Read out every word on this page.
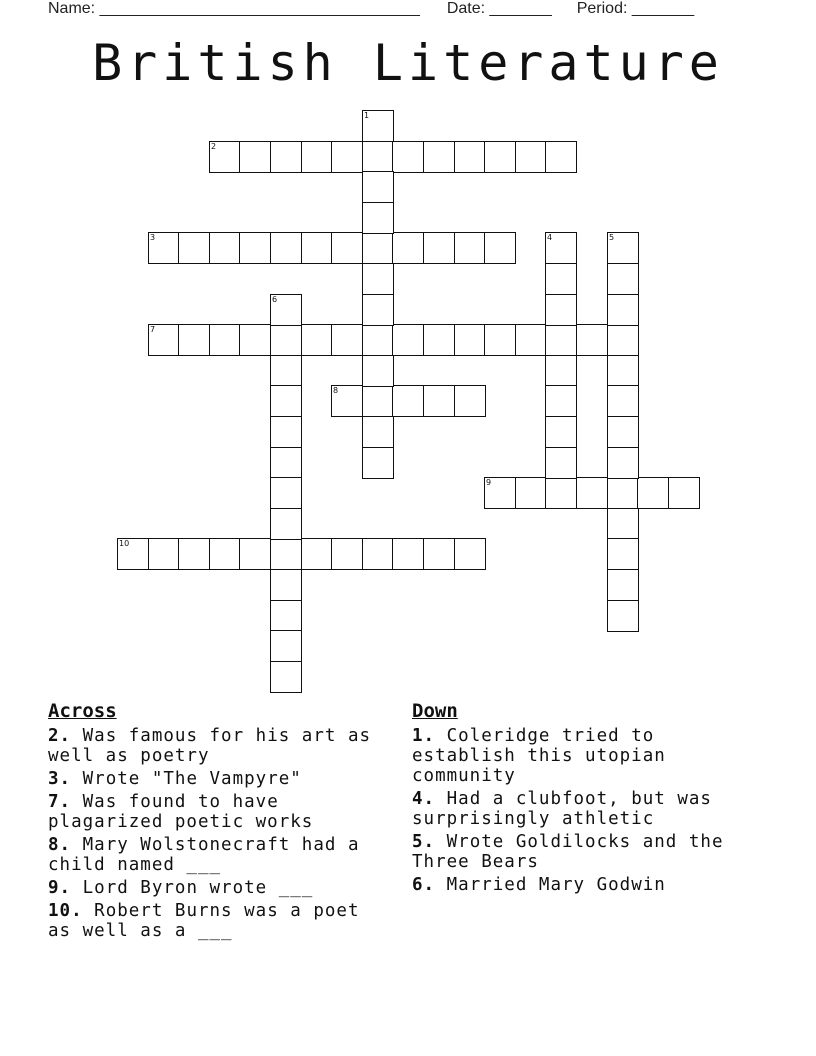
Name: ____________________________________ Date: _______ Period: _______
British Literature
2
3
7
8
9
10
1
4	5
6
Across
2. Was famous for his art as well as poetry
3. Wrote "The Vampyre"
7. Was found to have plagarized poetic works
8. Mary Wolstonecraft had a child named ___
9. Lord Byron wrote ___
10. Robert Burns was a poet as well as a ___
Down
1. Coleridge tried to establish this utopian community
4. Had a clubfoot, but was surprisingly athletic
5. Wrote Goldilocks and the Three Bears
6. Married Mary Godwin
